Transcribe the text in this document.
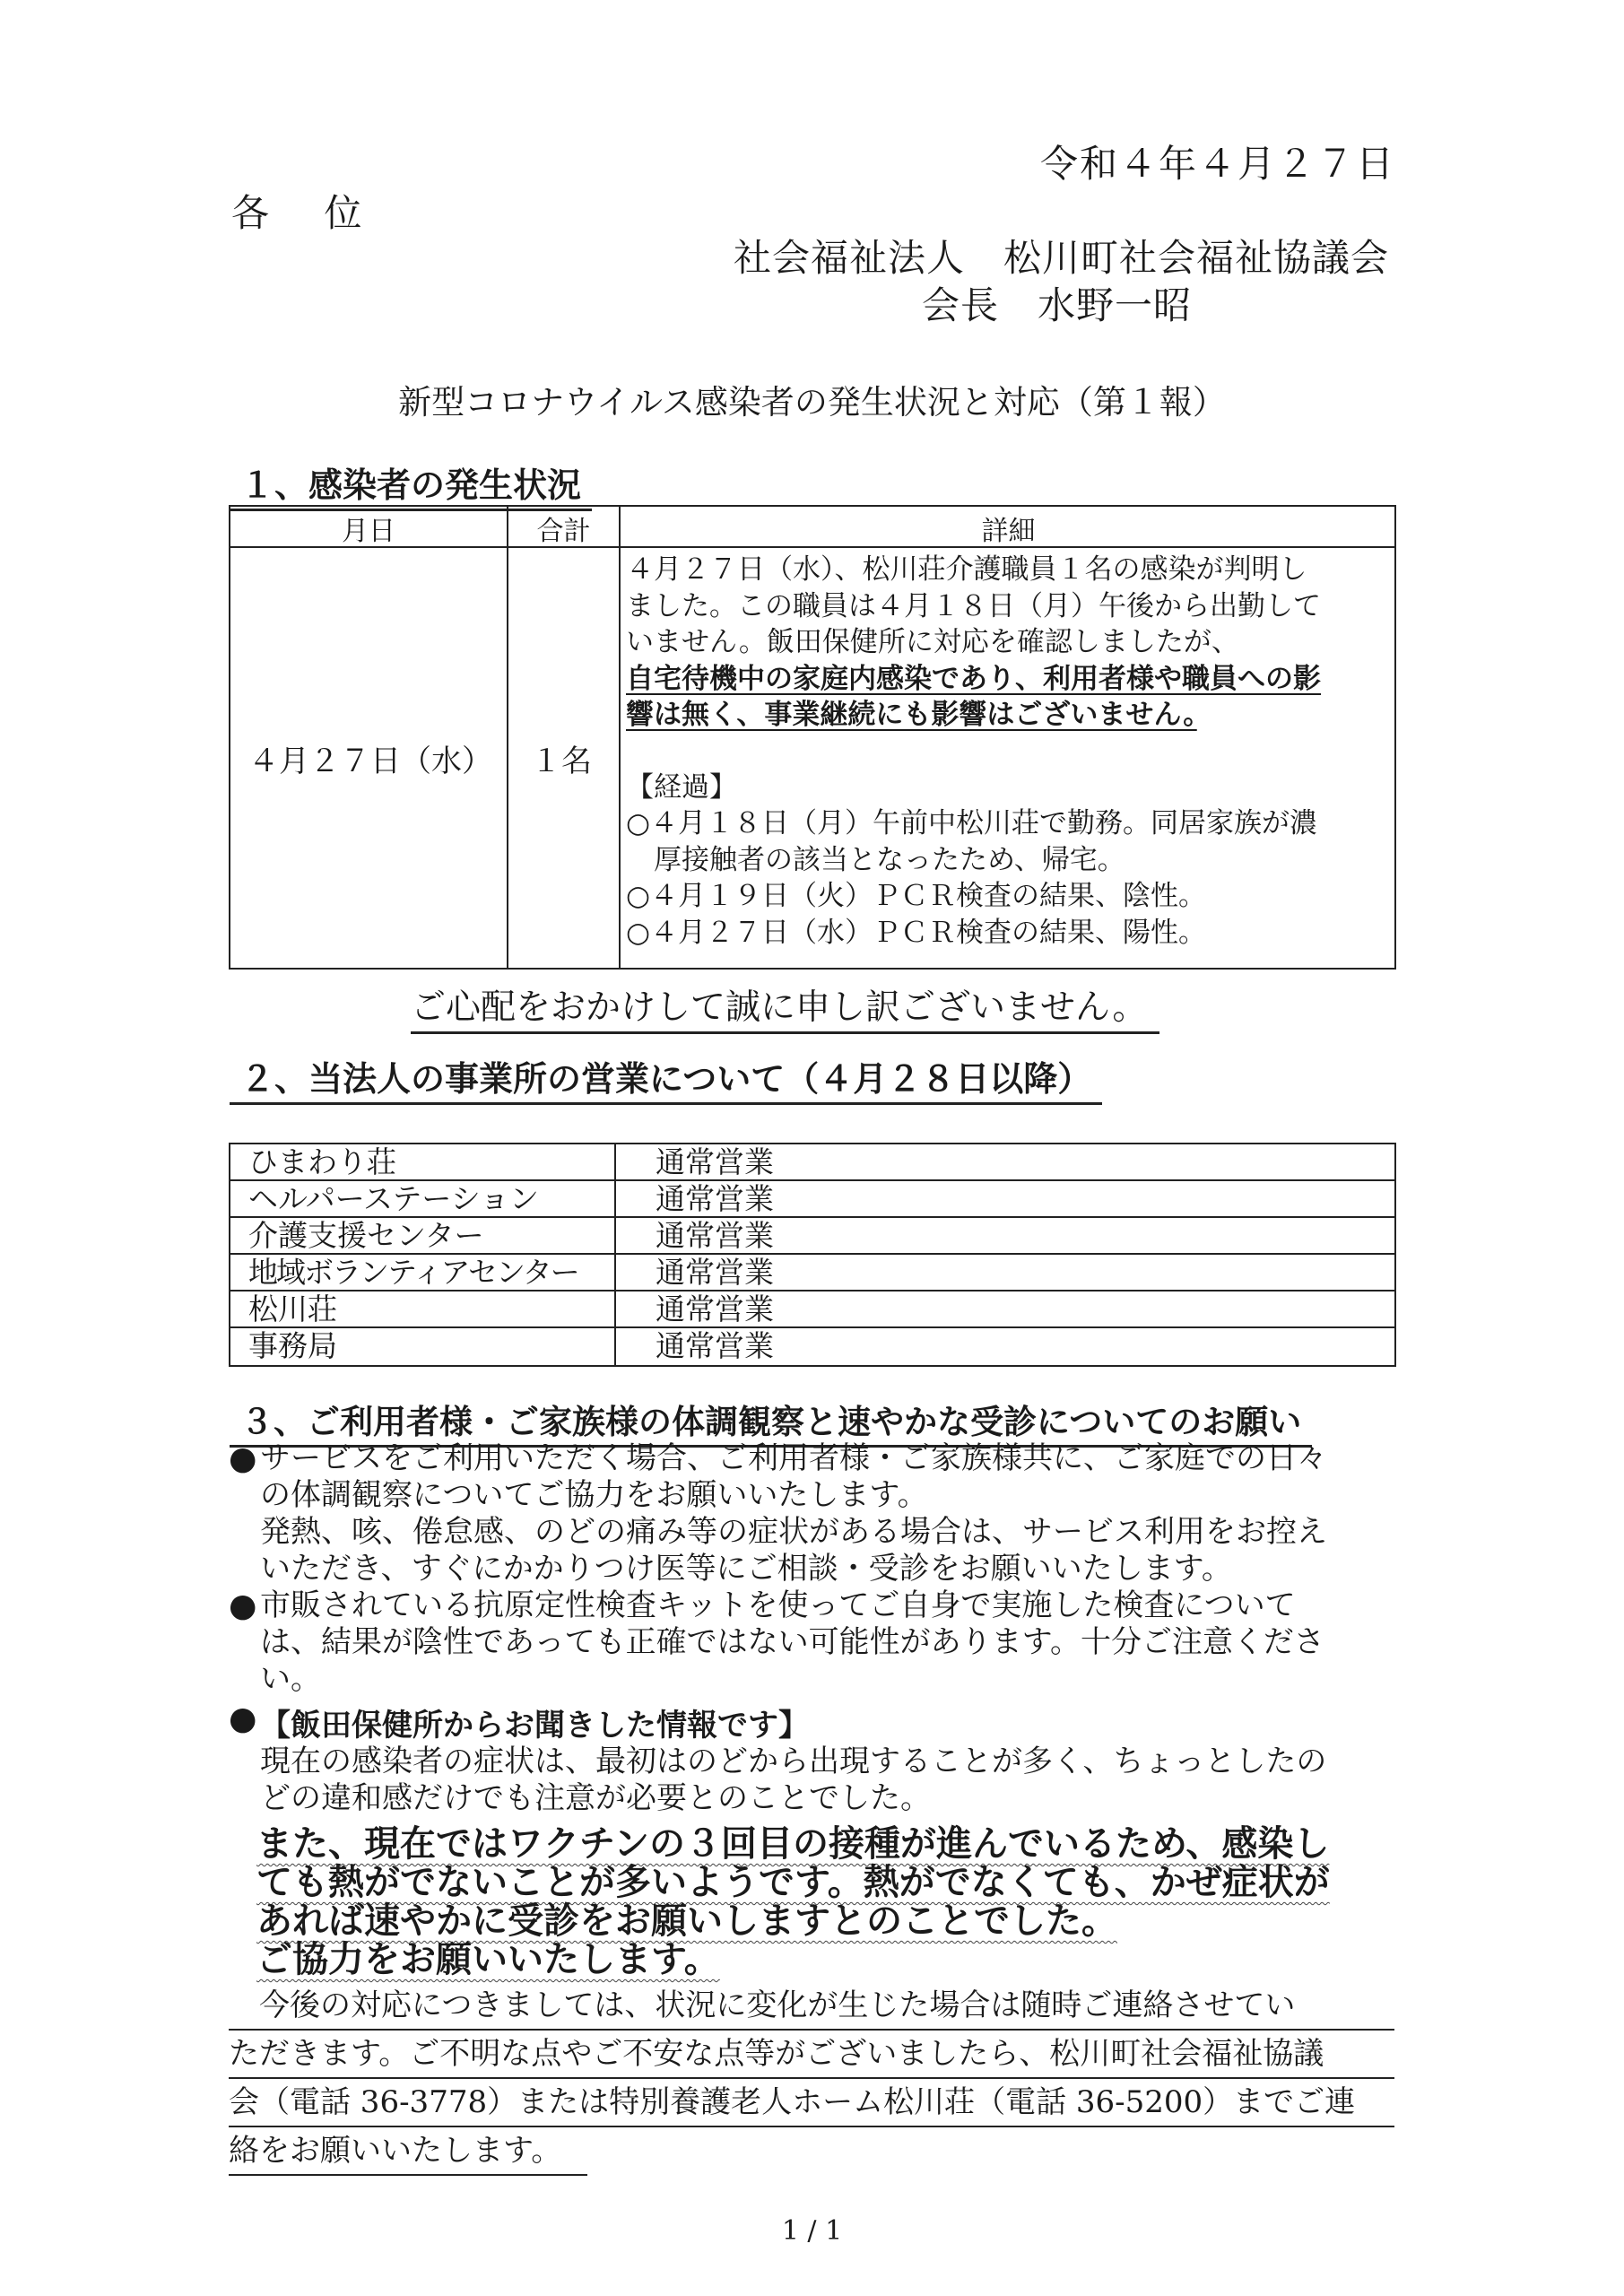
令和４年４月２７日
各 位
社会福祉法人　松川町社会福祉協議会
会長　水野一昭
新型コロナウイルス感染者の発生状況と対応（第１報）
１、感染者の発生状況
月日	合計	詳細
４月２７日（水） １名
４月２７日（水）、松川荘介護職員１名の感染が判明し
ました。この職員は４月１８日（月）午後から出勤して
いません。飯田保健所に対応を確認しましたが、
自宅待機中の家庭内感染であり、利用者様や職員への影
響は無く、事業継続にも影響はございません。　
【経過】
○４月１８日（月）午前中松川荘で勤務。同居家族が濃
　厚接触者の該当となったため、帰宅。
○４月１９日（火）ＰＣＲ検査の結果、陰性。
○４月２７日（水）ＰＣＲ検査の結果、陽性。
ご心配をおかけして誠に申し訳ございません。
２、当法人の事業所の営業について（４月２８日以降）
ひまわり荘	通常営業
ヘルパーステーション	通常営業
介護支援センター	通常営業
地域ボランティアセンター	通常営業
松川荘	通常営業
事務局	通常営業
３、ご利用者様・ご家族様の体調観察と速やかな受診についてのお願い
● サービスをご利用いただく場合、ご利用者様・ご家族様共に、ご家庭での日々
の体調観察についてご協力をお願いいたします。
発熱、咳、倦怠感、のどの痛み等の症状がある場合は、サービス利用をお控え
いただき、すぐにかかりつけ医等にご相談・受診をお願いいたします。
● 市販されている抗原定性検査キットを使ってご自身で実施した検査について
は、結果が陰性であっても正確ではない可能性があります。十分ご注意くださ
い。
● 【飯田保健所からお聞きした情報です】
現在の感染者の症状は、最初はのどから出現することが多く、ちょっとしたの
どの違和感だけでも注意が必要とのことでした。
また、現在ではワクチンの３回目の接種が進んでいるため、感染し
ても熱がでないことが多いようです。熱がでなくても、かぜ症状が
あれば速やかに受診をお願いしますとのことでした。
ご協力をお願いいたします。
　今後の対応につきましては、状況に変化が生じた場合は随時ご連絡させてい
ただきます。ご不明な点やご不安な点等がございましたら、松川町社会福祉協議
会（電話 36-3778）または特別養護老人ホーム松川荘（電話 36-5200）までご連
絡をお願いいたします。
1 / 1
